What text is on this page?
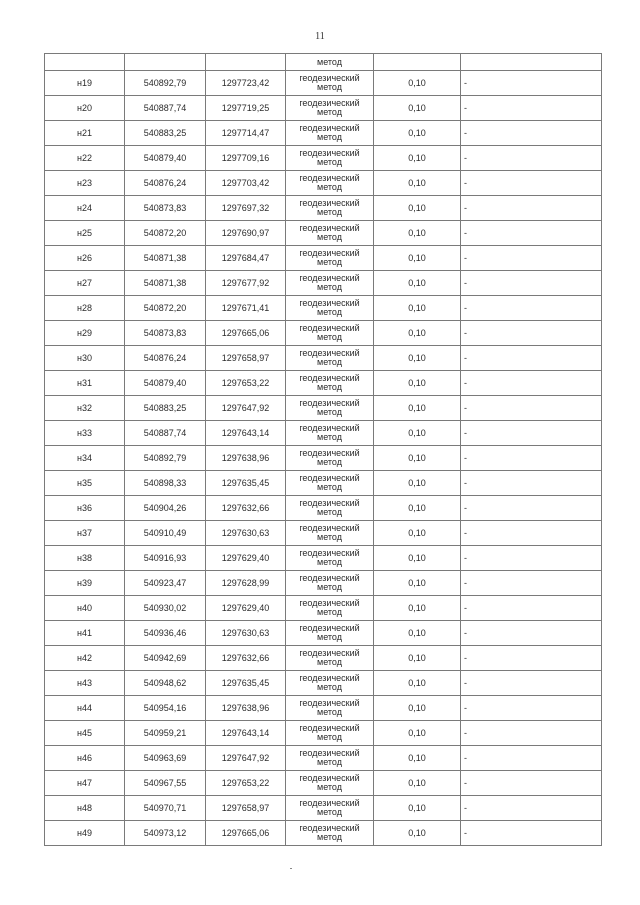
11
			метод		
н19	540892,79	1297723,42	геодезический
метод	0,10	-
н20	540887,74	1297719,25	геодезический
метод	0,10	-
н21	540883,25	1297714,47	геодезический
метод	0,10	-
н22	540879,40	1297709,16	геодезический
метод	0,10	-
н23	540876,24	1297703,42	геодезический
метод	0,10	-
н24	540873,83	1297697,32	геодезический
метод	0,10	-
н25	540872,20	1297690,97	геодезический
метод	0,10	-
н26	540871,38	1297684,47	геодезический
метод	0,10	-
н27	540871,38	1297677,92	геодезический
метод	0,10	-
н28	540872,20	1297671,41	геодезический
метод	0,10	-
н29	540873,83	1297665,06	геодезический
метод	0,10	-
н30	540876,24	1297658,97	геодезический
метод	0,10	-
н31	540879,40	1297653,22	геодезический
метод	0,10	-
н32	540883,25	1297647,92	геодезический
метод	0,10	-
н33	540887,74	1297643,14	геодезический
метод	0,10	-
н34	540892,79	1297638,96	геодезический
метод	0,10	-
н35	540898,33	1297635,45	геодезический
метод	0,10	-
н36	540904,26	1297632,66	геодезический
метод	0,10	-
н37	540910,49	1297630,63	геодезический
метод	0,10	-
н38	540916,93	1297629,40	геодезический
метод	0,10	-
н39	540923,47	1297628,99	геодезический
метод	0,10	-
н40	540930,02	1297629,40	геодезический
метод	0,10	-
н41	540936,46	1297630,63	геодезический
метод	0,10	-
н42	540942,69	1297632,66	геодезический
метод	0,10	-
н43	540948,62	1297635,45	геодезический
метод	0,10	-
н44	540954,16	1297638,96	геодезический
метод	0,10	-
н45	540959,21	1297643,14	геодезический
метод	0,10	-
н46	540963,69	1297647,92	геодезический
метод	0,10	-
н47	540967,55	1297653,22	геодезический
метод	0,10	-
н48	540970,71	1297658,97	геодезический
метод	0,10	-
н49	540973,12	1297665,06	геодезический
метод	0,10	-
